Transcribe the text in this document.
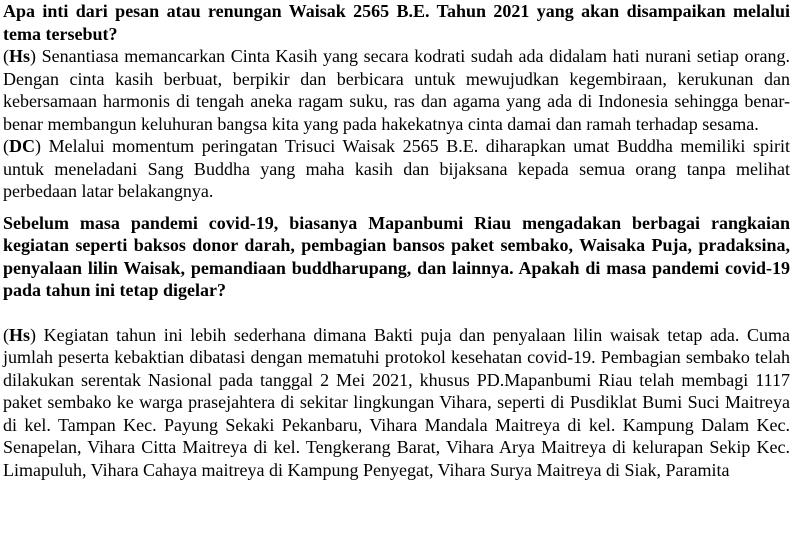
Apa inti dari pesan atau renungan Waisak 2565 B.E. Tahun 2021 yang akan disampaikan melalui tema tersebut?

(Hs) Senantiasa memancarkan Cinta Kasih yang secara kodrati sudah ada didalam hati nurani setiap orang. Dengan cinta kasih berbuat, berpikir dan berbicara untuk mewujudkan kegembiraan, kerukunan dan kebersamaan harmonis di tengah aneka ragam suku, ras dan agama yang ada di Indonesia sehingga benar-benar membangun keluhuran bangsa kita yang pada hakekatnya cinta damai dan ramah terhadap sesama.

(DC) Melalui momentum peringatan Trisuci Waisak 2565 B.E. diharapkan umat Buddha memiliki spirit untuk meneladani Sang Buddha yang maha kasih dan bijaksana kepada semua orang tanpa melihat perbedaan latar belakangnya.

Sebelum masa pandemi covid-19, biasanya Mapanbumi Riau mengadakan berbagai rangkaian kegiatan seperti baksos donor darah, pembagian bansos paket sembako, Waisaka Puja, pradaksina, penyalaan lilin Waisak, pemandiaan buddharupang, dan lainnya. Apakah di masa pandemi covid-19 pada tahun ini tetap digelar?

(Hs) Kegiatan tahun ini lebih sederhana dimana Bakti puja dan penyalaan lilin waisak tetap ada. Cuma jumlah peserta kebaktian dibatasi dengan mematuhi protokol kesehatan covid-19. Pembagian sembako telah dilakukan serentak Nasional pada tanggal 2 Mei 2021, khusus PD.Mapanbumi Riau telah membagi 1117 paket sembako ke warga prasejahtera di sekitar lingkungan Vihara, seperti di Pusdiklat Bumi Suci Maitreya di kel. Tampan Kec. Payung Sekaki Pekanbaru, Vihara Mandala Maitreya di kel. Kampung Dalam Kec. Senapelan, Vihara Citta Maitreya di kel. Tengkerang Barat, Vihara Arya Maitreya di kelurapan Sekip Kec. Limapuluh, Vihara Cahaya maitreya di Kampung Penyegat, Vihara Surya Maitreya di Siak, Paramita
